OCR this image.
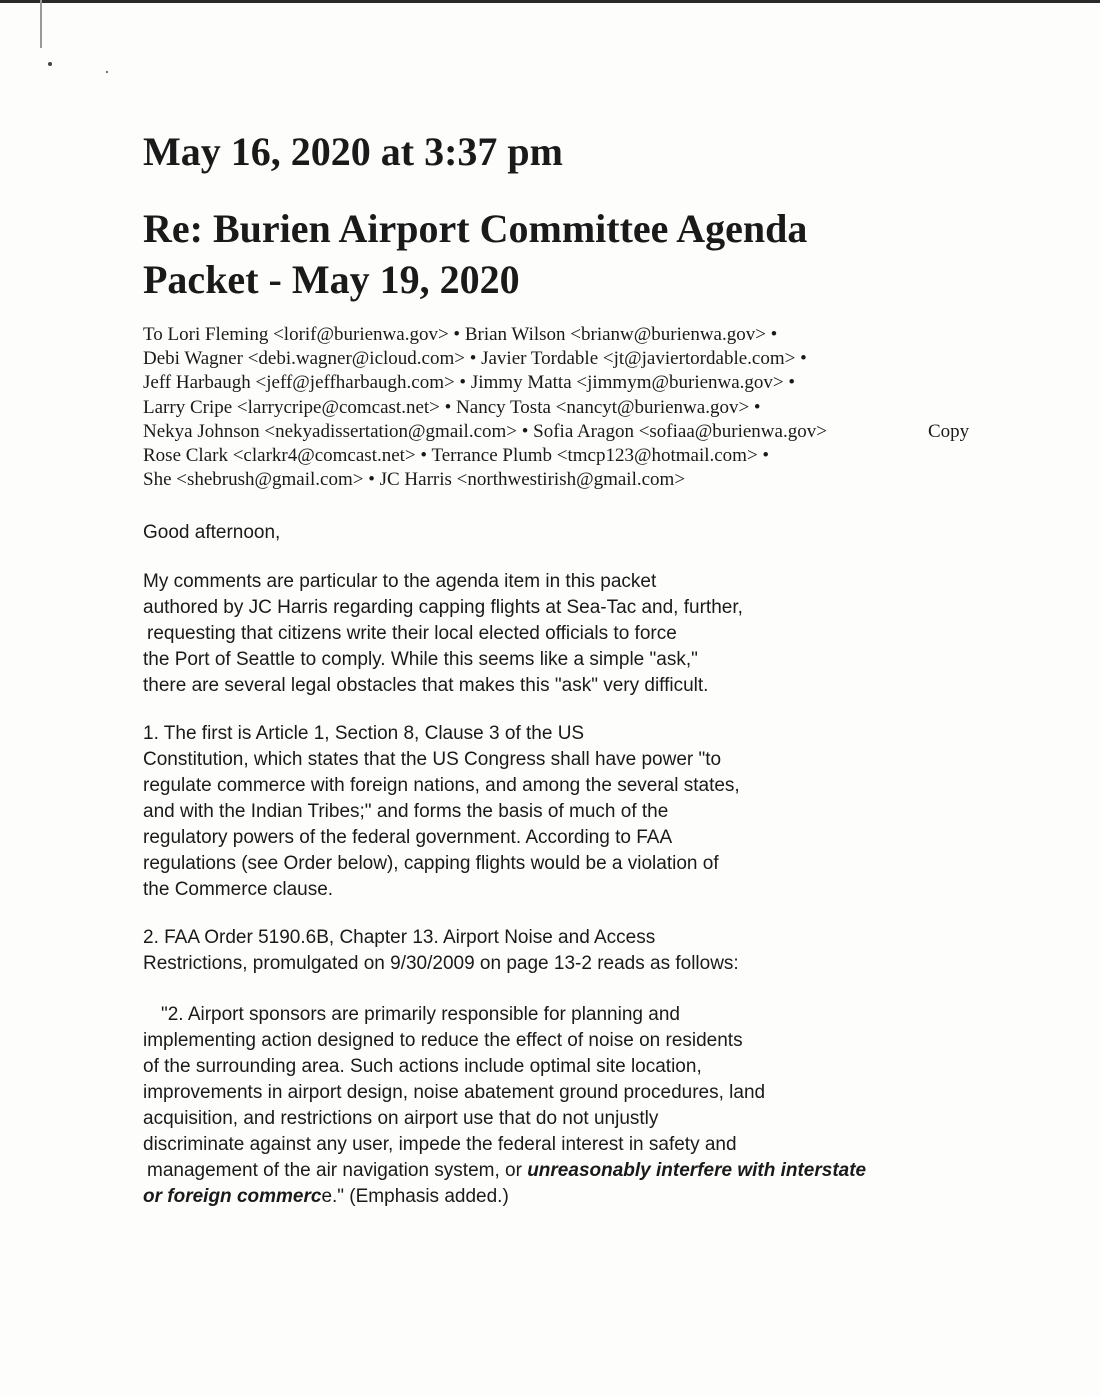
May 16, 2020 at 3:37 pm
Re: Burien Airport Committee Agenda
Packet - May 19, 2020
To Lori Fleming <lorif@burienwa.gov> • Brian Wilson <brianw@burienwa.gov> •
Debi Wagner <debi.wagner@icloud.com> • Javier Tordable <jt@javiertordable.com> •
Jeff Harbaugh <jeff@jeffharbaugh.com> • Jimmy Matta <jimmym@burienwa.gov> •
Larry Cripe <larrycripe@comcast.net> • Nancy Tosta <nancyt@burienwa.gov> •
Nekya Johnson <nekyadissertation@gmail.com> • Sofia Aragon <sofiaa@burienwa.gov>	Copy
Rose Clark <clarkr4@comcast.net> • Terrance Plumb <tmcp123@hotmail.com> •
She <shebrush@gmail.com> • JC Harris <northwestirish@gmail.com>
Good afternoon,
My comments are particular to the agenda item in this packet
authored by JC Harris regarding capping flights at Sea-Tac and, further,
requesting that citizens write their local elected officials to force
the Port of Seattle to comply. While this seems like a simple "ask,"
there are several legal obstacles that makes this "ask" very difficult.
1. The first is Article 1, Section 8, Clause 3 of the US
Constitution, which states that the US Congress shall have power "to
regulate commerce with foreign nations, and among the several states,
and with the Indian Tribes;" and forms the basis of much of the
regulatory powers of the federal government. According to FAA
regulations (see Order below), capping flights would be a violation of
the Commerce clause.
2. FAA Order 5190.6B, Chapter 13. Airport Noise and Access
Restrictions, promulgated on 9/30/2009 on page 13-2 reads as follows:
"2. Airport sponsors are primarily responsible for planning and
implementing action designed to reduce the effect of noise on residents
of the surrounding area. Such actions include optimal site location,
improvements in airport design, noise abatement ground procedures, land
acquisition, and restrictions on airport use that do not unjustly
discriminate against any user, impede the federal interest in safety and
management of the air navigation system, or unreasonably interfere with interstate
or foreign commerce." (Emphasis added.)
